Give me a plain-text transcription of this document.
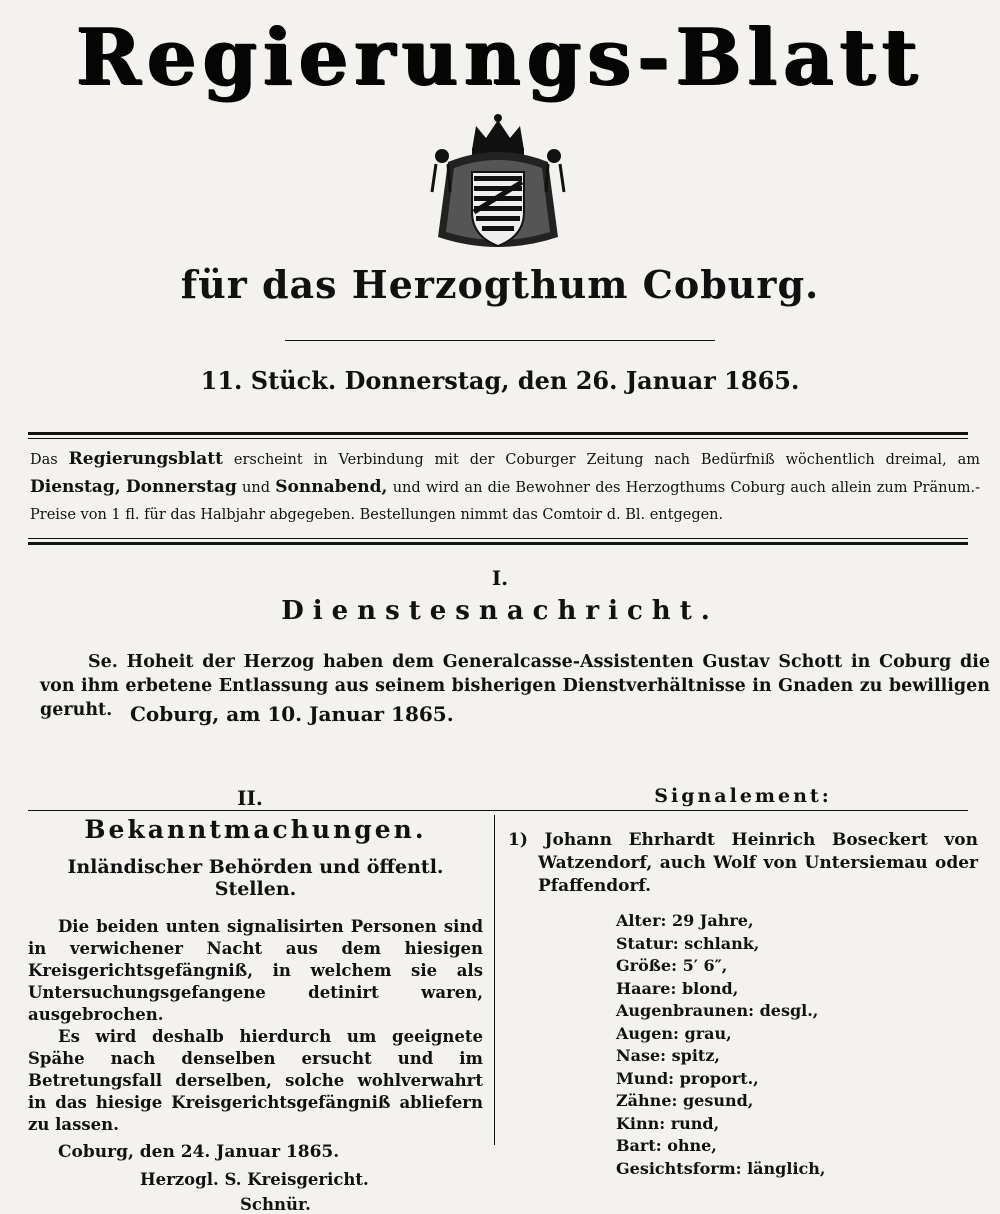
Regierungs-Blatt
für das Herzogthum Coburg.
11. Stück. Donnerstag, den 26. Januar 1865.
Das Regierungsblatt erscheint in Verbindung mit der Coburger Zeitung nach Bedürfniß wöchentlich dreimal, am Dienstag, Donnerstag und Sonnabend, und wird an die Bewohner des Herzogthums Coburg auch allein zum Pränum.-Preise von 1 fl. für das Halbjahr abgegeben. Bestellungen nimmt das Comtoir d. Bl. entgegen.
I.
Dienstesnachricht.
Se. Hoheit der Herzog haben dem Generalcasse-Assistenten Gustav Schott in Coburg die von ihm erbetene Entlassung aus seinem bisherigen Dienstverhältnisse in Gnaden zu bewilligen geruht. Coburg, am 10. Januar 1865.
II.
Bekanntmachungen.
Inländischer Behörden und öffentl. Stellen.
Die beiden unten signalisirten Personen sind in verwichener Nacht aus dem hiesigen Kreisgerichtsgefängniß, in welchem sie als Untersuchungsgefangene detinirt waren, ausgebrochen.
Es wird deshalb hierdurch um geeignete Spähe nach denselben ersucht und im Betretungsfall derselben, solche wohlverwahrt in das hiesige Kreisgerichtsgefängniß abliefern zu lassen.
Coburg, den 24. Januar 1865.
Herzogl. S. Kreisgericht.
Schnür.
Signalement:
1) Johann Ehrhardt Heinrich Boseckert von Watzendorf, auch Wolf von Untersiemau oder Pfaffendorf.
Alter: 29 Jahre,
Statur: schlank,
Größe: 5′ 6″,
Haare: blond,
Augenbraunen: desgl.,
Augen: grau,
Nase: spitz,
Mund: proport.,
Zähne: gesund,
Kinn: rund,
Bart: ohne,
Gesichtsform: länglich,
